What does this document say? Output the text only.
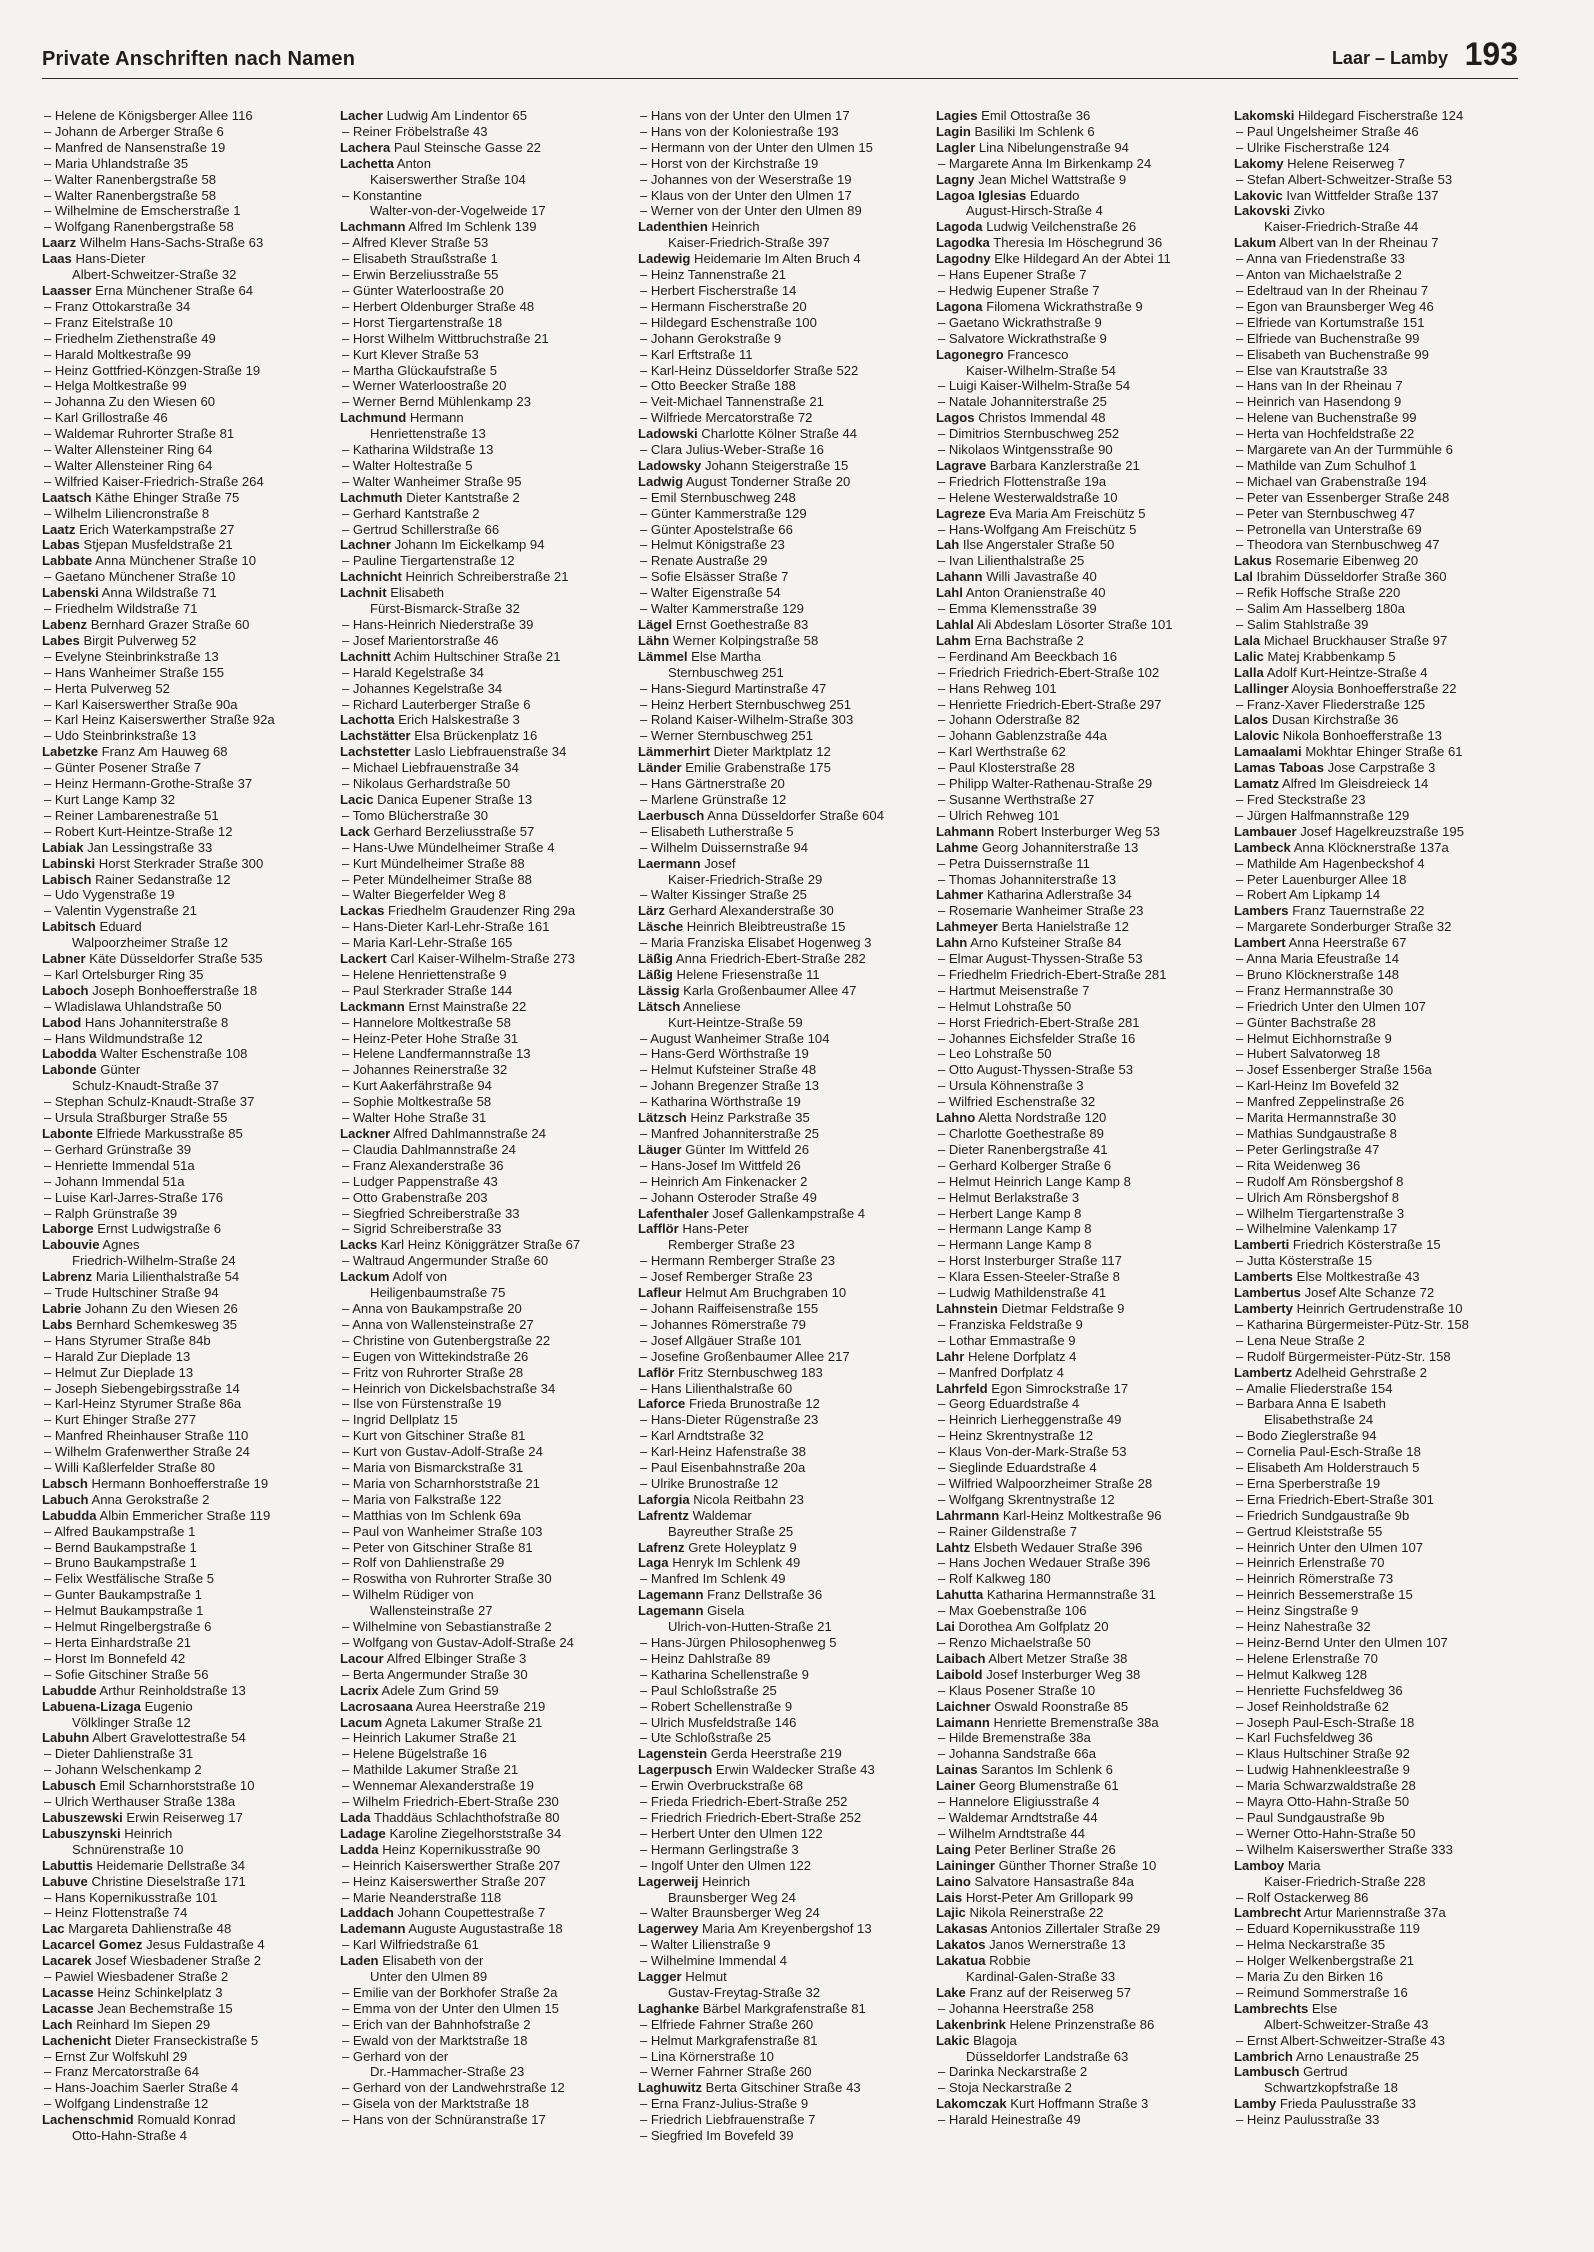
Private Anschriften nach Namen	Laar – Lamby 193
– Helene de Königsberger Allee 116
– Johann de Arberger Straße 6
– Manfred de Nansenstraße 19
– Maria Uhlandstraße 35
– Walter Ranenbergstraße 58
– Walter Ranenbergstraße 58
– Wilhelmine de Emscherstraße 1
– Wolfgang Ranenbergstraße 58
Laarz Wilhelm Hans-Sachs-Straße 63
Laas Hans-Dieter
Albert-Schweitzer-Straße 32
Laasser Erna Münchener Straße 64
– Franz Ottokarstraße 34
– Franz Eitelstraße 10
– Friedhelm Ziethenstraße 49
– Harald Moltkestraße 99
– Heinz Gottfried-Könzgen-Straße 19
– Helga Moltkestraße 99
– Johanna Zu den Wiesen 60
– Karl Grillostraße 46
– Waldemar Ruhrorter Straße 81
– Walter Allensteiner Ring 64
– Walter Allensteiner Ring 64
– Wilfried Kaiser-Friedrich-Straße 264
Laatsch Käthe Ehinger Straße 75
– Wilhelm Liliencronstraße 8
Laatz Erich Waterkampstraße 27
Labas Stjepan Musfeldstraße 21
Labbate Anna Münchener Straße 10
– Gaetano Münchener Straße 10
Labenski Anna Wildstraße 71
– Friedhelm Wildstraße 71
Labenz Bernhard Grazer Straße 60
Labes Birgit Pulverweg 52
– Evelyne Steinbrinkstraße 13
– Hans Wanheimer Straße 155
– Herta Pulverweg 52
– Karl Kaiserswerther Straße 90a
– Karl Heinz Kaiserswerther Straße 92a
– Udo Steinbrinkstraße 13
Labetzke Franz Am Hauweg 68
– Günter Posener Straße 7
– Heinz Hermann-Grothe-Straße 37
– Kurt Lange Kamp 32
– Reiner Lambarenestraße 51
– Robert Kurt-Heintze-Straße 12
Labiak Jan Lessingstraße 33
Labinski Horst Sterkrader Straße 300
Labisch Rainer Sedanstraße 12
– Udo Vygenstraße 19
– Valentin Vygenstraße 21
Labitsch Eduard
Walpoorzheimer Straße 12
Labner Käte Düsseldorfer Straße 535
– Karl Ortelsburger Ring 35
Laboch Joseph Bonhoefferstraße 18
– Wladislawa Uhlandstraße 50
Labod Hans Johanniterstraße 8
– Hans Wildmundstraße 12
Labodda Walter Eschenstraße 108
Labonde Günter
Schulz-Knaudt-Straße 37
– Stephan Schulz-Knaudt-Straße 37
– Ursula Straßburger Straße 55
Labonte Elfriede Markusstraße 85
– Gerhard Grünstraße 39
– Henriette Immendal 51a
– Johann Immendal 51a
– Luise Karl-Jarres-Straße 176
– Ralph Grünstraße 39
Laborge Ernst Ludwigstraße 6
Labouvie Agnes
Friedrich-Wilhelm-Straße 24
Labrenz Maria Lilienthalstraße 54
– Trude Hultschiner Straße 94
Labrie Johann Zu den Wiesen 26
Labs Bernhard Schemkesweg 35
– Hans Styrumer Straße 84b
– Harald Zur Dieplade 13
– Helmut Zur Dieplade 13
– Joseph Siebengebirgsstraße 14
– Karl-Heinz Styrumer Straße 86a
– Kurt Ehinger Straße 277
– Manfred Rheinhauser Straße 110
– Wilhelm Grafenwerther Straße 24
– Willi Kaßlerfelder Straße 80
Labsch Hermann Bonhoefferstraße 19
Labuch Anna Gerokstraße 2
Labudda Albin Emmericher Straße 119
– Alfred Baukampstraße 1
– Bernd Baukampstraße 1
– Bruno Baukampstraße 1
– Felix Westfälische Straße 5
– Gunter Baukampstraße 1
– Helmut Baukampstraße 1
– Helmut Ringelbergstraße 6
– Herta Einhardstraße 21
– Horst Im Bonnefeld 42
– Sofie Gitschiner Straße 56
Labudde Arthur Reinholdstraße 13
Labuena-Lizaga Eugenio
Völklinger Straße 12
Labuhn Albert Gravelottestraße 54
– Dieter Dahlienstraße 31
– Johann Welschenkamp 2
Labusch Emil Scharnhorststraße 10
– Ulrich Werthauser Straße 138a
Labuszewski Erwin Reiserweg 17
Labuszynski Heinrich
Schnürenstraße 10
Labuttis Heidemarie Dellstraße 34
Labuve Christine Dieselstraße 171
– Hans Kopernikusstraße 101
– Heinz Flottenstraße 74
Lac Margareta Dahlienstraße 48
Lacarcel Gomez Jesus Fuldastraße 4
Lacarek Josef Wiesbadener Straße 2
– Pawiel Wiesbadener Straße 2
Lacasse Heinz Schinkelplatz 3
Lacasse Jean Bechemstraße 15
Lach Reinhard Im Siepen 29
Lachenicht Dieter Franseckistraße 5
– Ernst Zur Wolfskuhl 29
– Franz Mercatorstraße 64
– Hans-Joachim Saerler Straße 4
– Wolfgang Lindenstraße 12
Lachenschmid Romuald Konrad
Otto-Hahn-Straße 4
Lacher Ludwig Am Lindentor 65
– Reiner Fröbelstraße 43
Lachera Paul Steinsche Gasse 22
Lachetta Anton
Kaiserswerther Straße 104
– Konstantine
Walter-von-der-Vogelweide 17
Lachmann Alfred Im Schlenk 139
– Alfred Klever Straße 53
– Elisabeth Straußstraße 1
– Erwin Berzeliusstraße 55
– Günter Waterloostraße 20
– Herbert Oldenburger Straße 48
– Horst Tiergartenstraße 18
– Horst Wilhelm Wittbruchstraße 21
– Kurt Klever Straße 53
– Martha Glückaufstraße 5
– Werner Waterloostraße 20
– Werner Bernd Mühlenkamp 23
Lachmund Hermann
Henriettenstraße 13
– Katharina Wildstraße 13
– Walter Holtestraße 5
– Walter Wanheimer Straße 95
Lachmuth Dieter Kantstraße 2
– Gerhard Kantstraße 2
– Gertrud Schillerstraße 66
Lachner Johann Im Eickelkamp 94
– Pauline Tiergartenstraße 12
Lachnicht Heinrich Schreiberstraße 21
Lachnit Elisabeth
Fürst-Bismarck-Straße 32
– Hans-Heinrich Niederstraße 39
– Josef Marientorstraße 46
Lachnitt Achim Hultschiner Straße 21
– Harald Kegelstraße 34
– Johannes Kegelstraße 34
– Richard Lauterberger Straße 6
Lachotta Erich Halskestraße 3
Lachstätter Elsa Brückenplatz 16
Lachstetter Laslo Liebfrauenstraße 34
– Michael Liebfrauenstraße 34
– Nikolaus Gerhardstraße 50
Lacic Danica Eupener Straße 13
– Tomo Blücherstraße 30
Lack Gerhard Berzeliusstraße 57
– Hans-Uwe Mündelheimer Straße 4
– Kurt Mündelheimer Straße 88
– Peter Mündelheimer Straße 88
– Walter Biegerfelder Weg 8
Lackas Friedhelm Graudenzer Ring 29a
– Hans-Dieter Karl-Lehr-Straße 161
– Maria Karl-Lehr-Straße 165
Lackert Carl Kaiser-Wilhelm-Straße 273
– Helene Henriettenstraße 9
– Paul Sterkrader Straße 144
Lackmann Ernst Mainstraße 22
– Hannelore Moltkestraße 58
– Heinz-Peter Hohe Straße 31
– Helene Landfermannstraße 13
– Johannes Reinerstraße 32
– Kurt Aakerfährstraße 94
– Sophie Moltkestraße 58
– Walter Hohe Straße 31
Lackner Alfred Dahlmannstraße 24
– Claudia Dahlmannstraße 24
– Franz Alexanderstraße 36
– Ludger Pappenstraße 43
– Otto Grabenstraße 203
– Siegfried Schreiberstraße 33
– Sigrid Schreiberstraße 33
Lacks Karl Heinz Königgrätzer Straße 67
– Waltraud Angermunder Straße 60
Lackum Adolf von
Heiligenbaumstraße 75
– Anna von Baukampstraße 20
– Anna von Wallensteinstraße 27
– Christine von Gutenbergstraße 22
– Eugen von Wittekindstraße 26
– Fritz von Ruhrorter Straße 28
– Heinrich von Dickelsbachstraße 34
– Ilse von Fürstenstraße 19
– Ingrid Dellplatz 15
– Kurt von Gitschiner Straße 81
– Kurt von Gustav-Adolf-Straße 24
– Maria von Bismarckstraße 31
– Maria von Scharnhorststraße 21
– Maria von Falkstraße 122
– Matthias von Im Schlenk 69a
– Paul von Wanheimer Straße 103
– Peter von Gitschiner Straße 81
– Rolf von Dahlienstraße 29
– Roswitha von Ruhrorter Straße 30
– Wilhelm Rüdiger von
Wallensteinstraße 27
– Wilhelmine von Sebastianstraße 2
– Wolfgang von Gustav-Adolf-Straße 24
Lacour Alfred Elbinger Straße 3
– Berta Angermunder Straße 30
Lacrix Adele Zum Grind 59
Lacrosaana Aurea Heerstraße 219
Lacum Agneta Lakumer Straße 21
– Heinrich Lakumer Straße 21
– Helene Bügelstraße 16
– Mathilde Lakumer Straße 21
– Wennemar Alexanderstraße 19
– Wilhelm Friedrich-Ebert-Straße 230
Lada Thaddäus Schlachthofstraße 80
Ladage Karoline Ziegelhorststraße 34
Ladda Heinz Kopernikusstraße 90
– Heinrich Kaiserswerther Straße 207
– Heinz Kaiserswerther Straße 207
– Marie Neanderstraße 118
Laddach Johann Coupettestraße 7
Lademann Auguste Augustastraße 18
– Karl Wilfriedstraße 61
Laden Elisabeth von der
Unter den Ulmen 89
– Emilie van der Borkhofer Straße 2a
– Emma von der Unter den Ulmen 15
– Erich van der Bahnhofstraße 2
– Ewald von der Marktstraße 18
– Gerhard von der
Dr.-Hammacher-Straße 23
– Gerhard von der Landwehrstraße 12
– Gisela von der Marktstraße 18
– Hans von der Schnüranstraße 17
– Hans von der Unter den Ulmen 17
– Hans von der Koloniestraße 193
– Hermann von der Unter den Ulmen 15
– Horst von der Kirchstraße 19
– Johannes von der Weserstraße 19
– Klaus von der Unter den Ulmen 17
– Werner von der Unter den Ulmen 89
Ladenthien Heinrich
Kaiser-Friedrich-Straße 397
Ladewig Heidemarie Im Alten Bruch 4
– Heinz Tannenstraße 21
– Herbert Fischerstraße 14
– Hermann Fischerstraße 20
– Hildegard Eschenstraße 100
– Johann Gerokstraße 9
– Karl Erftstraße 11
– Karl-Heinz Düsseldorfer Straße 522
– Otto Beecker Straße 188
– Veit-Michael Tannenstraße 21
– Wilfriede Mercatorstraße 72
Ladowski Charlotte Kölner Straße 44
– Clara Julius-Weber-Straße 16
Ladowsky Johann Steigerstraße 15
Ladwig August Tonderner Straße 20
– Emil Sternbuschweg 248
– Günter Kammerstraße 129
– Günter Apostelstraße 66
– Helmut Königstraße 23
– Renate Austraße 29
– Sofie Elsässer Straße 7
– Walter Eigenstraße 54
– Walter Kammerstraße 129
Lägel Ernst Goethestraße 83
Lähn Werner Kolpingstraße 58
Lämmel Else Martha
Sternbuschweg 251
– Hans-Siegurd Martinstraße 47
– Heinz Herbert Sternbuschweg 251
– Roland Kaiser-Wilhelm-Straße 303
– Werner Sternbuschweg 251
Lämmerhirt Dieter Marktplatz 12
Länder Emilie Grabenstraße 175
– Hans Gärtnerstraße 20
– Marlene Grünstraße 12
Laerbusch Anna Düsseldorfer Straße 604
– Elisabeth Lutherstraße 5
– Wilhelm Duissernstraße 94
Laermann Josef
Kaiser-Friedrich-Straße 29
– Walter Kissinger Straße 25
Lärz Gerhard Alexanderstraße 30
Läsche Heinrich Bleibtreustraße 15
– Maria Franziska Elisabet Hogenweg 3
Läßig Anna Friedrich-Ebert-Straße 282
Läßig Helene Friesenstraße 11
Lässig Karla Großenbaumer Allee 47
Lätsch Anneliese
Kurt-Heintze-Straße 59
– August Wanheimer Straße 104
– Hans-Gerd Wörthstraße 19
– Helmut Kufsteiner Straße 48
– Johann Bregenzer Straße 13
– Katharina Wörthstraße 19
Lätzsch Heinz Parkstraße 35
– Manfred Johanniterstraße 25
Läuger Günter Im Wittfeld 26
– Hans-Josef Im Wittfeld 26
– Heinrich Am Finkenacker 2
– Johann Osteroder Straße 49
Lafenthaler Josef Gallenkampstraße 4
Lafflör Hans-Peter
Remberger Straße 23
– Hermann Remberger Straße 23
– Josef Remberger Straße 23
Lafleur Helmut Am Bruchgraben 10
– Johann Raiffeisenstraße 155
– Johannes Römerstraße 79
– Josef Allgäuer Straße 101
– Josefine Großenbaumer Allee 217
Laflör Fritz Sternbuschweg 183
– Hans Lilienthalstraße 60
Laforce Frieda Brunostraße 12
– Hans-Dieter Rügenstraße 23
– Karl Arndtstraße 32
– Karl-Heinz Hafenstraße 38
– Paul Eisenbahnstraße 20a
– Ulrike Brunostraße 12
Laforgia Nicola Reitbahn 23
Lafrentz Waldemar
Bayreuther Straße 25
Lafrenz Grete Holeyplatz 9
Laga Henryk Im Schlenk 49
– Manfred Im Schlenk 49
Lagemann Franz Dellstraße 36
Lagemann Gisela
Ulrich-von-Hutten-Straße 21
– Hans-Jürgen Philosophenweg 5
– Heinz Dahlstraße 89
– Katharina Schellenstraße 9
– Paul Schloßstraße 25
– Robert Schellenstraße 9
– Ulrich Musfeldstraße 146
– Ute Schloßstraße 25
Lagenstein Gerda Heerstraße 219
Lagerpusch Erwin Waldecker Straße 43
– Erwin Overbruckstraße 68
– Frieda Friedrich-Ebert-Straße 252
– Friedrich Friedrich-Ebert-Straße 252
– Herbert Unter den Ulmen 122
– Hermann Gerlingstraße 3
– Ingolf Unter den Ulmen 122
Lagerweij Heinrich
Braunsberger Weg 24
– Walter Braunsberger Weg 24
Lagerwey Maria Am Kreyenbergshof 13
– Walter Lilienstraße 9
– Wilhelmine Immendal 4
Lagger Helmut
Gustav-Freytag-Straße 32
Laghanke Bärbel Markgrafenstraße 81
– Elfriede Fahrner Straße 260
– Helmut Markgrafenstraße 81
– Lina Körnerstraße 10
– Werner Fahrner Straße 260
Laghuwitz Berta Gitschiner Straße 43
– Erna Franz-Julius-Straße 9
– Friedrich Liebfrauenstraße 7
– Siegfried Im Bovefeld 39
Lagies Emil Ottostraße 36
Lagin Basiliki Im Schlenk 6
Lagler Lina Nibelungenstraße 94
– Margarete Anna Im Birkenkamp 24
Lagny Jean Michel Wattstraße 9
Lagoa Iglesias Eduardo
August-Hirsch-Straße 4
Lagoda Ludwig Veilchenstraße 26
Lagodka Theresia Im Höschegrund 36
Lagodny Elke Hildegard An der Abtei 11
– Hans Eupener Straße 7
– Hedwig Eupener Straße 7
Lagona Filomena Wickrathstraße 9
– Gaetano Wickrathstraße 9
– Salvatore Wickrathstraße 9
Lagonegro Francesco
Kaiser-Wilhelm-Straße 54
– Luigi Kaiser-Wilhelm-Straße 54
– Natale Johanniterstraße 25
Lagos Christos Immendal 48
– Dimitrios Sternbuschweg 252
– Nikolaos Wintgensstraße 90
Lagrave Barbara Kanzlerstraße 21
– Friedrich Flottenstraße 19a
– Helene Westerwaldstraße 10
Lagreze Eva Maria Am Freischütz 5
– Hans-Wolfgang Am Freischütz 5
Lah Ilse Angerstaler Straße 50
– Ivan Lilienthalstraße 25
Lahann Willi Javastraße 40
Lahl Anton Oranienstraße 40
– Emma Klemensstraße 39
Lahlal Ali Abdeslam Lösorter Straße 101
Lahm Erna Bachstraße 2
– Ferdinand Am Beeckbach 16
– Friedrich Friedrich-Ebert-Straße 102
– Hans Rehweg 101
– Henriette Friedrich-Ebert-Straße 297
– Johann Oderstraße 82
– Johann Gablenzstraße 44a
– Karl Werthstraße 62
– Paul Klosterstraße 28
– Philipp Walter-Rathenau-Straße 29
– Susanne Werthstraße 27
– Ulrich Rehweg 101
Lahmann Robert Insterburger Weg 53
Lahme Georg Johanniterstraße 13
– Petra Duissernstraße 11
– Thomas Johanniterstraße 13
Lahmer Katharina Adlerstraße 34
– Rosemarie Wanheimer Straße 23
Lahmeyer Berta Hanielstraße 12
Lahn Arno Kufsteiner Straße 84
– Elmar August-Thyssen-Straße 53
– Friedhelm Friedrich-Ebert-Straße 281
– Hartmut Meisenstraße 7
– Helmut Lohstraße 50
– Horst Friedrich-Ebert-Straße 281
– Johannes Eichsfelder Straße 16
– Leo Lohstraße 50
– Otto August-Thyssen-Straße 53
– Ursula Köhnenstraße 3
– Wilfried Eschenstraße 32
Lahno Aletta Nordstraße 120
– Charlotte Goethestraße 89
– Dieter Ranenbergstraße 41
– Gerhard Kolberger Straße 6
– Helmut Heinrich Lange Kamp 8
– Helmut Berlakstraße 3
– Herbert Lange Kamp 8
– Hermann Lange Kamp 8
– Hermann Lange Kamp 8
– Horst Insterburger Straße 117
– Klara Essen-Steeler-Straße 8
– Ludwig Mathildenstraße 41
Lahnstein Dietmar Feldstraße 9
– Franziska Feldstraße 9
– Lothar Emmastraße 9
Lahr Helene Dorfplatz 4
– Manfred Dorfplatz 4
Lahrfeld Egon Simrockstraße 17
– Georg Eduardstraße 4
– Heinrich Lierheggenstraße 49
– Heinz Skrentnystraße 12
– Klaus Von-der-Mark-Straße 53
– Sieglinde Eduardstraße 4
– Wilfried Walpoorzheimer Straße 28
– Wolfgang Skrentnystraße 12
Lahrmann Karl-Heinz Moltkestraße 96
– Rainer Gildenstraße 7
Lahtz Elsbeth Wedauer Straße 396
– Hans Jochen Wedauer Straße 396
– Rolf Kalkweg 180
Lahutta Katharina Hermannstraße 31
– Max Goebenstraße 106
Lai Dorothea Am Golfplatz 20
– Renzo Michaelstraße 50
Laibach Albert Metzer Straße 38
Laibold Josef Insterburger Weg 38
– Klaus Posener Straße 10
Laichner Oswald Roonstraße 85
Laimann Henriette Bremenstraße 38a
– Hilde Bremenstraße 38a
– Johanna Sandstraße 66a
Lainas Sarantos Im Schlenk 6
Lainer Georg Blumenstraße 61
– Hannelore Eligiusstraße 4
– Waldemar Arndtstraße 44
– Wilhelm Arndtstraße 44
Laing Peter Berliner Straße 26
Laininger Günther Thorner Straße 10
Laino Salvatore Hansastraße 84a
Lais Horst-Peter Am Grillopark 99
Lajic Nikola Reinerstraße 22
Lakasas Antonios Zillertaler Straße 29
Lakatos Janos Wernerstraße 13
Lakatua Robbie
Kardinal-Galen-Straße 33
Lake Franz auf der Reiserweg 57
– Johanna Heerstraße 258
Lakenbrink Helene Prinzenstraße 86
Lakic Blagoja
Düsseldorfer Landstraße 63
– Darinka Neckarstraße 2
– Stoja Neckarstraße 2
Lakomczak Kurt Hoffmann Straße 3
– Harald Heinestraße 49
Lakomski Hildegard Fischerstraße 124
– Paul Ungelsheimer Straße 46
– Ulrike Fischerstraße 124
Lakomy Helene Reiserweg 7
– Stefan Albert-Schweitzer-Straße 53
Lakovic Ivan Wittfelder Straße 137
Lakovski Zivko
Kaiser-Friedrich-Straße 44
Lakum Albert van In der Rheinau 7
– Anna van Friedenstraße 33
– Anton van Michaelstraße 2
– Edeltraud van In der Rheinau 7
– Egon van Braunsberger Weg 46
– Elfriede van Kortumstraße 151
– Elfriede van Buchenstraße 99
– Elisabeth van Buchenstraße 99
– Else van Krautstraße 33
– Hans van In der Rheinau 7
– Heinrich van Hasendong 9
– Helene van Buchenstraße 99
– Herta van Hochfeldstraße 22
– Margarete van An der Turmmühle 6
– Mathilde van Zum Schulhof 1
– Michael van Grabenstraße 194
– Peter van Essenberger Straße 248
– Peter van Sternbuschweg 47
– Petronella van Unterstraße 69
– Theodora van Sternbuschweg 47
Lakus Rosemarie Eibenweg 20
Lal Ibrahim Düsseldorfer Straße 360
– Refik Hoffsche Straße 220
– Salim Am Hasselberg 180a
– Salim Stahlstraße 39
Lala Michael Bruckhauser Straße 97
Lalic Matej Krabbenkamp 5
Lalla Adolf Kurt-Heintze-Straße 4
Lallinger Aloysia Bonhoefferstraße 22
– Franz-Xaver Fliederstraße 125
Lalos Dusan Kirchstraße 36
Lalovic Nikola Bonhoefferstraße 13
Lamaalami Mokhtar Ehinger Straße 61
Lamas Taboas Jose Carpstraße 3
Lamatz Alfred Im Gleisdreieck 14
– Fred Steckstraße 23
– Jürgen Halfmannstraße 129
Lambauer Josef Hagelkreuzstraße 195
Lambeck Anna Klöcknerstraße 137a
– Mathilde Am Hagenbeckshof 4
– Peter Lauenburger Allee 18
– Robert Am Lipkamp 14
Lambers Franz Tauernstraße 22
– Margarete Sonderburger Straße 32
Lambert Anna Heerstraße 67
– Anna Maria Efeustraße 14
– Bruno Klöcknerstraße 148
– Franz Hermannstraße 30
– Friedrich Unter den Ulmen 107
– Günter Bachstraße 28
– Helmut Eichhornstraße 9
– Hubert Salvatorweg 18
– Josef Essenberger Straße 156a
– Karl-Heinz Im Bovefeld 32
– Manfred Zeppelinstraße 26
– Marita Hermannstraße 30
– Mathias Sundgaustraße 8
– Peter Gerlingstraße 47
– Rita Weidenweg 36
– Rudolf Am Rönsbergshof 8
– Ulrich Am Rönsbergshof 8
– Wilhelm Tiergartenstraße 3
– Wilhelmine Valenkamp 17
Lamberti Friedrich Kösterstraße 15
– Jutta Kösterstraße 15
Lamberts Else Moltkestraße 43
Lambertus Josef Alte Schanze 72
Lamberty Heinrich Gertrudenstraße 10
– Katharina Bürgermeister-Pütz-Str. 158
– Lena Neue Straße 2
– Rudolf Bürgermeister-Pütz-Str. 158
Lambertz Adelheid Gehrstraße 2
– Amalie Fliederstraße 154
– Barbara Anna E Isabeth
Elisabethstraße 24
– Bodo Zieglerstraße 94
– Cornelia Paul-Esch-Straße 18
– Elisabeth Am Holderstrauch 5
– Erna Sperberstraße 19
– Erna Friedrich-Ebert-Straße 301
– Friedrich Sundgaustraße 9b
– Gertrud Kleiststraße 55
– Heinrich Unter den Ulmen 107
– Heinrich Erlenstraße 70
– Heinrich Römerstraße 73
– Heinrich Bessemerstraße 15
– Heinz Singstraße 9
– Heinz Nahestraße 32
– Heinz-Bernd Unter den Ulmen 107
– Helene Erlenstraße 70
– Helmut Kalkweg 128
– Henriette Fuchsfeldweg 36
– Josef Reinholdstraße 62
– Joseph Paul-Esch-Straße 18
– Karl Fuchsfeldweg 36
– Klaus Hultschiner Straße 92
– Ludwig Hahnenkleestraße 9
– Maria Schwarzwaldstraße 28
– Mayra Otto-Hahn-Straße 50
– Paul Sundgaustraße 9b
– Werner Otto-Hahn-Straße 50
– Wilhelm Kaiserswerther Straße 333
Lamboy Maria
Kaiser-Friedrich-Straße 228
– Rolf Ostackerweg 86
Lambrecht Artur Mariennstraße 37a
– Eduard Kopernikusstraße 119
– Helma Neckarstraße 35
– Holger Welkenbergstraße 21
– Maria Zu den Birken 16
– Reimund Sommerstraße 16
Lambrechts Else
Albert-Schweitzer-Straße 43
– Ernst Albert-Schweitzer-Straße 43
Lambrich Arno Lenaustraße 25
Lambusch Gertrud
Schwartzkopfstraße 18
Lamby Frieda Paulusstraße 33
– Heinz Paulusstraße 33
